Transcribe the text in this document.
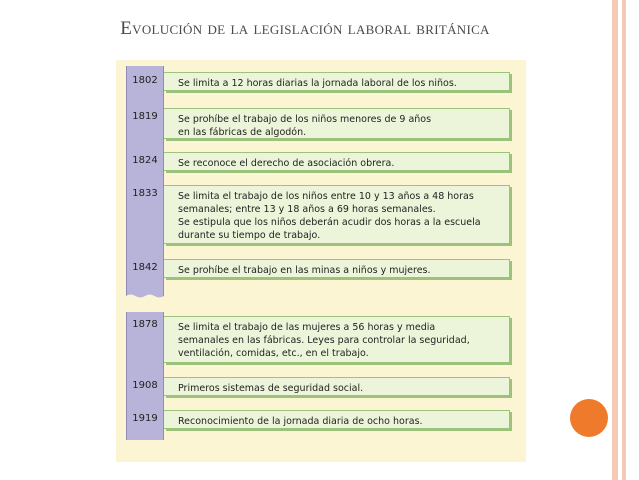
Evolución de la legislación laboral británica
1802	Se limita a 12 horas diarias la jornada laboral de los niños.
1819	Se prohíbe el trabajo de los niños menores de 9 años
en las fábricas de algodón.
1824	Se reconoce el derecho de asociación obrera.
1833	Se limita el trabajo de los niños entre 10 y 13 años a 48 horas
semanales; entre 13 y 18 años a 69 horas semanales.
Se estipula que los niños deberán acudir dos horas a la escuela
durante su tiempo de trabajo.
1842	Se prohíbe el trabajo en las minas a niños y mujeres.
1878	Se limita el trabajo de las mujeres a 56 horas y media
semanales en las fábricas. Leyes para controlar la seguridad,
ventilación, comidas, etc., en el trabajo.
1908	Primeros sistemas de seguridad social.
1919	Reconocimiento de la jornada diaria de ocho horas.
